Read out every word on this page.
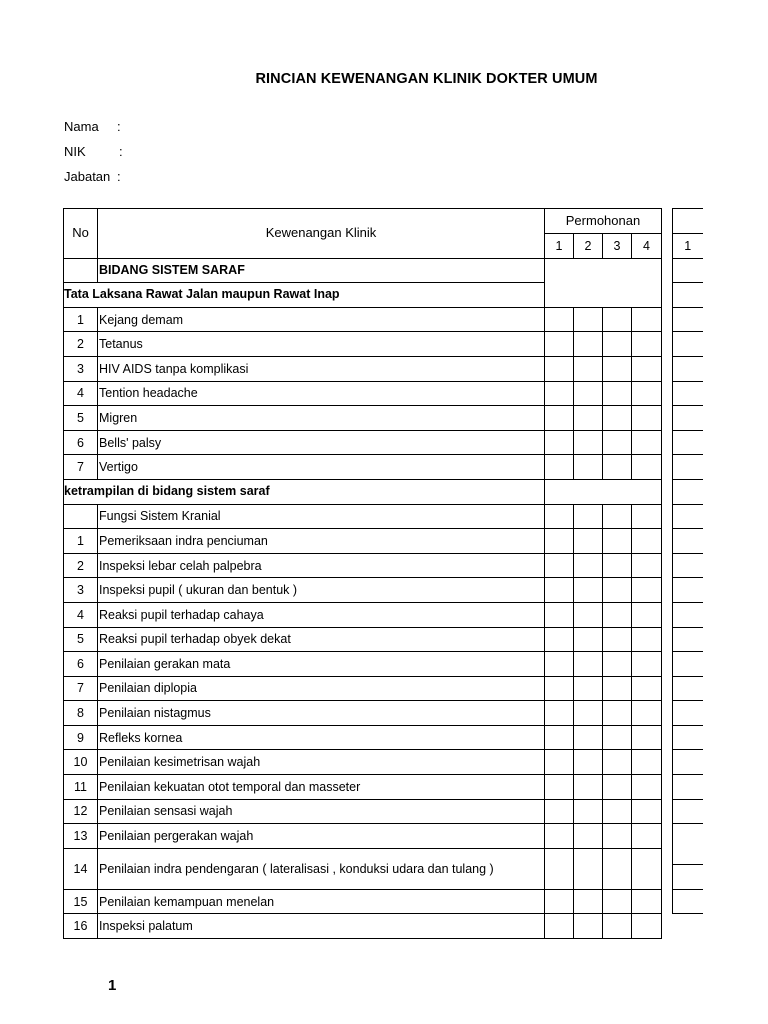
RINCIAN KEWENANGAN KLINIK DOKTER UMUM
Nama :
NIK	:
Jabatan :
No	Kewenangan Klinik	Permohonan			
		1	2	3	4
	BIDANG SISTEM SARAF				

Tata Laksana Rawat Jalan maupun Rawat Inap					

1	Kejang demam				
2	Tetanus				
3	HIV AIDS tanpa komplikasi				
4	Tention headache				
5	Migren				
6	Bells' palsy				
7	Vertigo				

ketrampilan di bidang sistem saraf					

	Fungsi Sistem Kranial				
1	Pemeriksaan indra penciuman				
2	Inspeksi lebar celah palpebra				
3	Inspeksi pupil ( ukuran dan bentuk )				
4	Reaksi pupil terhadap cahaya				
5	Reaksi pupil terhadap obyek dekat				
6	Penilaian gerakan mata				
7	Penilaian diplopia				
8	Penilaian nistagmus				
9	Refleks kornea				
10	Penilaian kesimetrisan wajah				
11	Penilaian kekuatan otot temporal dan masseter				
12	Penilaian sensasi wajah				
13	Penilaian pergerakan wajah				
14	Penilaian indra pendengaran ( lateralisasi , konduksi udara dan tulang )				
15	Penilaian kemampuan menelan				
16	Inspeksi palatum				

1

1
